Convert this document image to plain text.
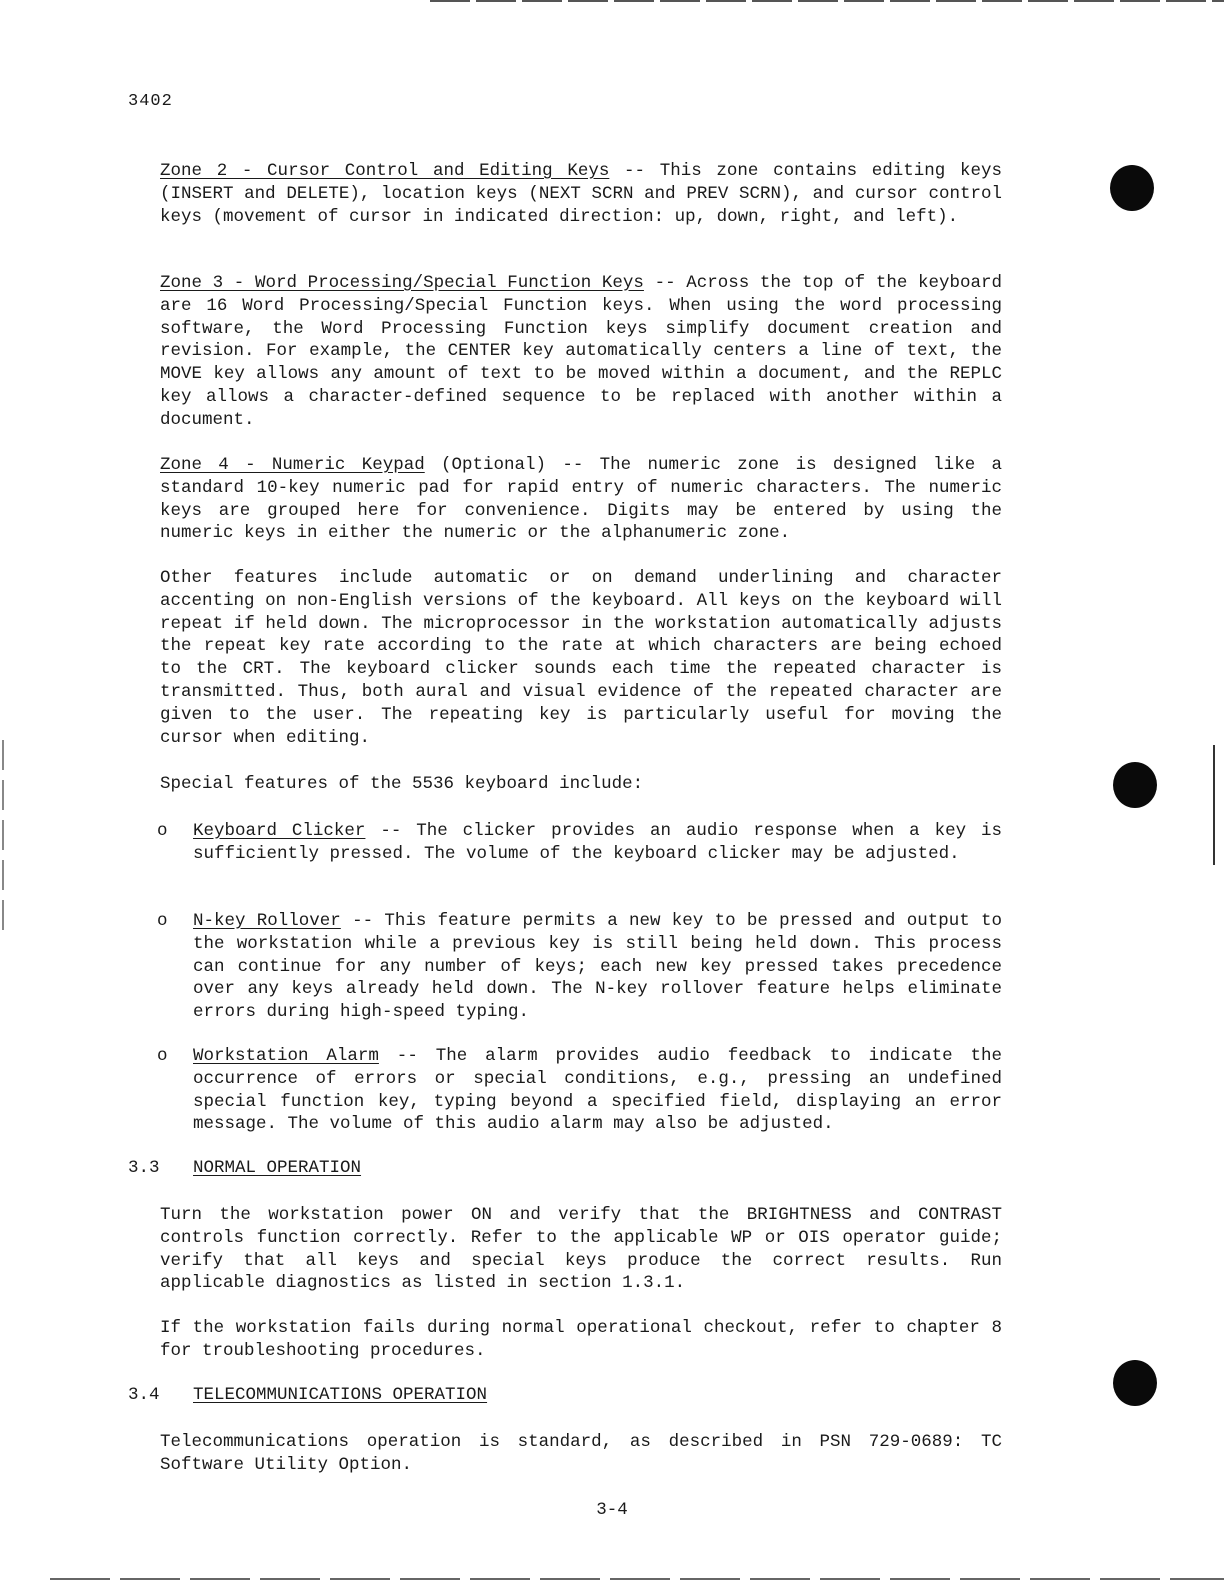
3402
Zone 2 - Cursor Control and Editing Keys -- This zone contains editing keys (INSERT and DELETE), location keys (NEXT SCRN and PREV SCRN), and cursor control keys (movement of cursor in indicated direction: up, down, right, and left).
Zone 3 - Word Processing/Special Function Keys -- Across the top of the keyboard are 16 Word Processing/Special Function keys. When using the word processing software, the Word Processing Function keys simplify document creation and revision. For example, the CENTER key automatically centers a line of text, the MOVE key allows any amount of text to be moved within a document, and the REPLC key allows a character-defined sequence to be replaced with another within a document.
Zone 4 - Numeric Keypad (Optional) -- The numeric zone is designed like a standard 10-key numeric pad for rapid entry of numeric characters. The numeric keys are grouped here for convenience. Digits may be entered by using the numeric keys in either the numeric or the alphanumeric zone.
Other features include automatic or on demand underlining and character accenting on non-English versions of the keyboard. All keys on the keyboard will repeat if held down. The microprocessor in the workstation automatically adjusts the repeat key rate according to the rate at which characters are being echoed to the CRT. The keyboard clicker sounds each time the repeated character is transmitted. Thus, both aural and visual evidence of the repeated character are given to the user. The repeating key is particularly useful for moving the cursor when editing.
Special features of the 5536 keyboard include:
o Keyboard Clicker -- The clicker provides an audio response when a key is sufficiently pressed. The volume of the keyboard clicker may be adjusted.
o N-key Rollover -- This feature permits a new key to be pressed and output to the workstation while a previous key is still being held down. This process can continue for any number of keys; each new key pressed takes precedence over any keys already held down. The N-key rollover feature helps eliminate errors during high-speed typing.
o Workstation Alarm -- The alarm provides audio feedback to indicate the occurrence of errors or special conditions, e.g., pressing an undefined special function key, typing beyond a specified field, displaying an error message. The volume of this audio alarm may also be adjusted.
3.3 NORMAL OPERATION
Turn the workstation power ON and verify that the BRIGHTNESS and CONTRAST controls function correctly. Refer to the applicable WP or OIS operator guide; verify that all keys and special keys produce the correct results. Run applicable diagnostics as listed in section 1.3.1.
If the workstation fails during normal operational checkout, refer to chapter 8 for troubleshooting procedures.
3.4 TELECOMMUNICATIONS OPERATION
Telecommunications operation is standard, as described in PSN 729-0689: TC Software Utility Option.
3-4
